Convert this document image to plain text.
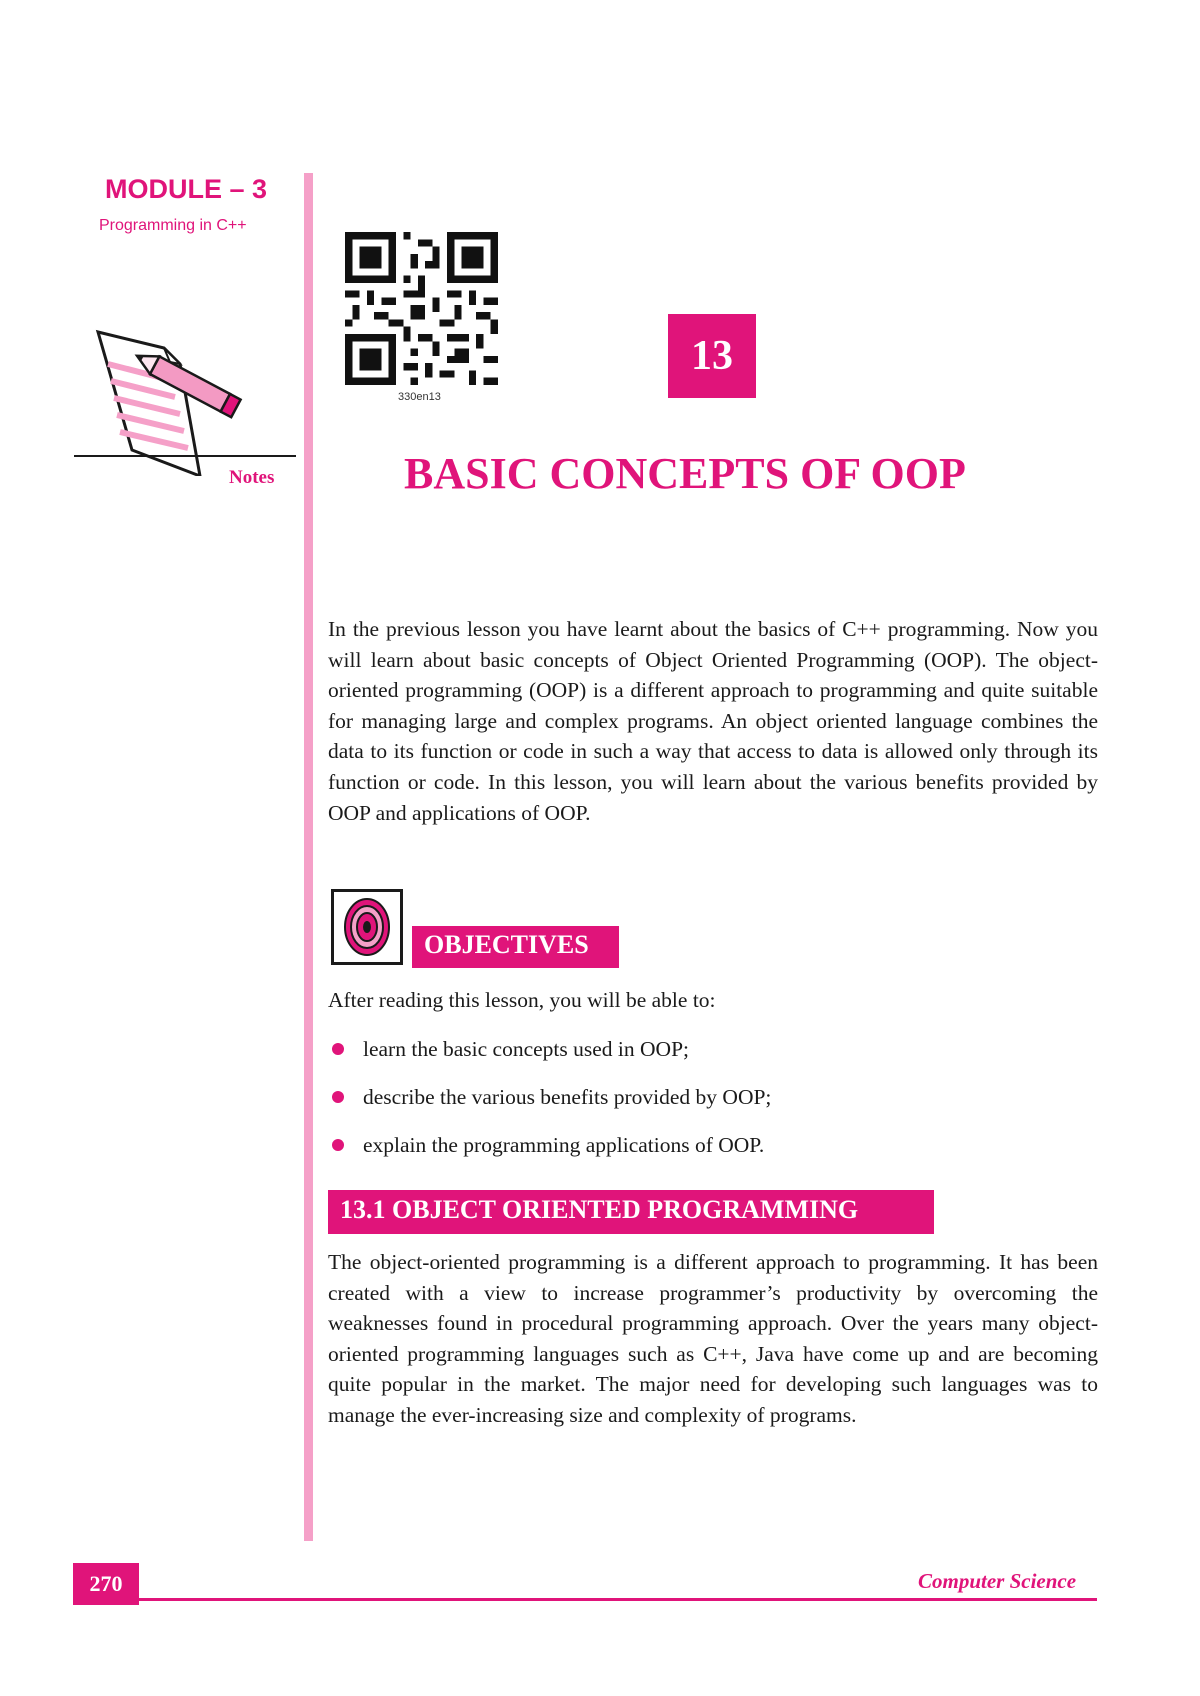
MODULE – 3
Programming in C++
Notes
330en13
13
BASIC CONCEPTS OF OOP
In the previous lesson you have learnt about the basics of C++ programming. Now you will learn about basic concepts of Object Oriented Programming (OOP). The object-oriented programming (OOP) is a different approach to programming and quite suitable for managing large and complex programs. An object oriented language combines the data to its function or code in such a way that access to data is allowed only through its function or code. In this lesson, you will learn about the various benefits provided by OOP and applications of OOP.
OBJECTIVES
After reading this lesson, you will be able to:
learn the basic concepts used in OOP;
describe the various benefits provided by OOP;
explain the programming applications of OOP.
13.1 OBJECT ORIENTED PROGRAMMING
The object-oriented programming is a different approach to programming. It has been created with a view to increase programmer’s productivity by overcoming the weaknesses found in procedural programming approach. Over the years many object-oriented programming languages such as C++, Java have come up and are becoming quite popular in the market. The major need for developing such languages was to manage the ever-increasing size and complexity of programs.
270	Computer Science
